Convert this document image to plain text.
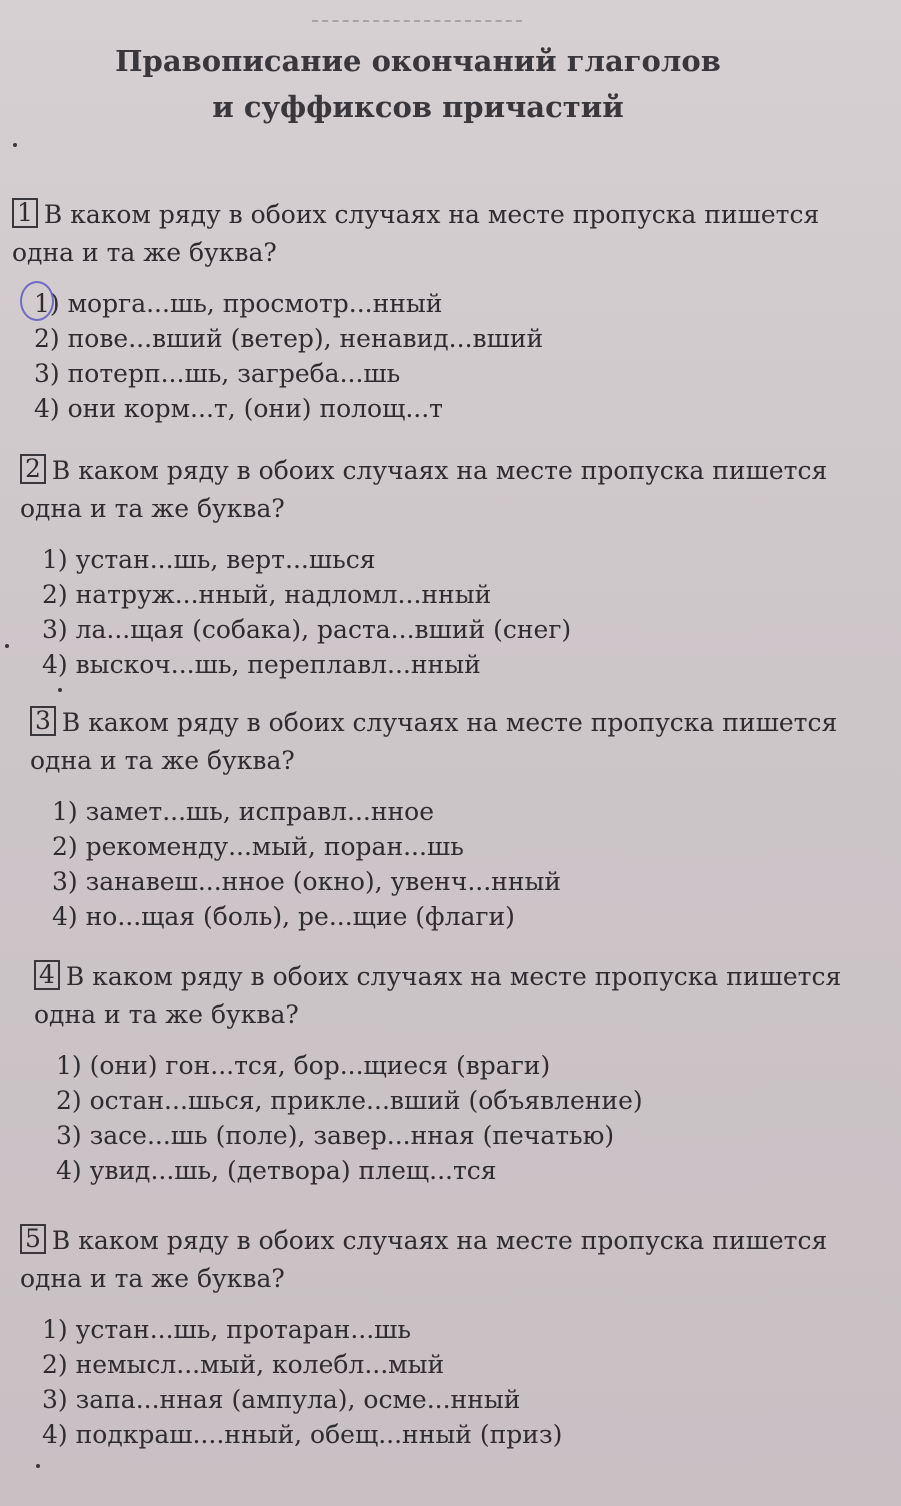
Правописание окончаний глаголов
и суффиксов причастий
1 В каком ряду в обоих случаях на месте пропуска пишется
одна и та же буква?
1) морга...шь, просмотр...нный
2) пове...вший (ветер), ненавид...вший
3) потерп...шь, загреба...шь
4) они корм...т, (они) полощ...т
2 В каком ряду в обоих случаях на месте пропуска пишется
одна и та же буква?
1) устан...шь, верт...шься
2) натруж...нный, надломл...нный
3) ла...щая (собака), раста...вший (снег)
4) выскоч...шь, переплавл...нный
3 В каком ряду в обоих случаях на месте пропуска пишется
одна и та же буква?
1) замет...шь, исправл...нное
2) рекоменду...мый, поран...шь
3) занавеш...нное (окно), увенч...нный
4) но...щая (боль), ре...щие (флаги)
4 В каком ряду в обоих случаях на месте пропуска пишется
одна и та же буква?
1) (они) гон...тся, бор...щиеся (враги)
2) остан...шься, прикле...вший (объявление)
3) засе...шь (поле), завер...нная (печатью)
4) увид...шь, (детвора) плещ...тся
5 В каком ряду в обоих случаях на месте пропуска пишется
одна и та же буква?
1) устан...шь, протаран...шь
2) немысл...мый, колебл...мый
3) запа...нная (ампула), осме...нный
4) подкраш....нный, обещ...нный (приз)
